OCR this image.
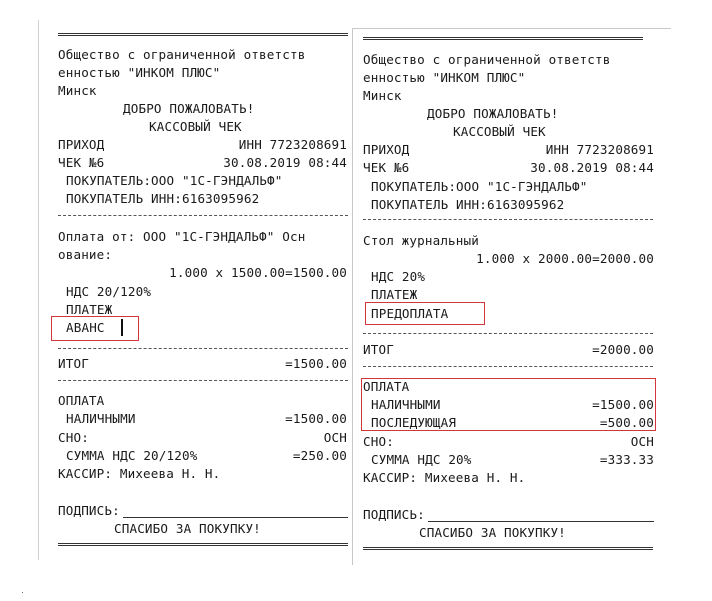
Общество с ограниченной ответств
енностью "ИНКОМ ПЛЮС"
Минск
ДОБРО ПОЖАЛОВАТЬ!
КАССОВЫЙ ЧЕК
ПРИХОД	ИНН 7723208691
ЧЕК №6	30.08.2019 08:44
ПОКУПАТЕЛЬ:ООО "1С-ГЭНДАЛЬФ"
ПОКУПАТЕЛЬ ИНН:6163095962
Оплата от: ООО "1С-ГЭНДАЛЬФ" Осн
ование:
1.000 х 1500.00=1500.00
НДС 20/120%
ПЛАТЕЖ
АВАНС
ИТОГ	=1500.00
ОПЛАТА
НАЛИЧНЫМИ	=1500.00
СНО:	ОСН
СУММА НДС 20/120%	=250.00
КАССИР: Михеева Н. Н.
ПОДПИСЬ:
СПАСИБО ЗА ПОКУПКУ!
Общество с ограниченной ответств
енностью "ИНКОМ ПЛЮС"
Минск
ДОБРО ПОЖАЛОВАТЬ!
КАССОВЫЙ ЧЕК
ПРИХОД	ИНН 7723208691
ЧЕК №6	30.08.2019 08:44
ПОКУПАТЕЛЬ:ООО "1С-ГЭНДАЛЬФ"
ПОКУПАТЕЛЬ ИНН:6163095962
Стол журнальный
1.000 х 2000.00=2000.00
НДС 20%
ПЛАТЕЖ
ПРЕДОПЛАТА
ИТОГ	=2000.00
ОПЛАТА
НАЛИЧНЫМИ	=1500.00
ПОСЛЕДУЮЩАЯ	=500.00
СНО:	ОСН
СУММА НДС 20%	=333.33
КАССИР: Михеева Н. Н.
ПОДПИСЬ:
СПАСИБО ЗА ПОКУПКУ!
